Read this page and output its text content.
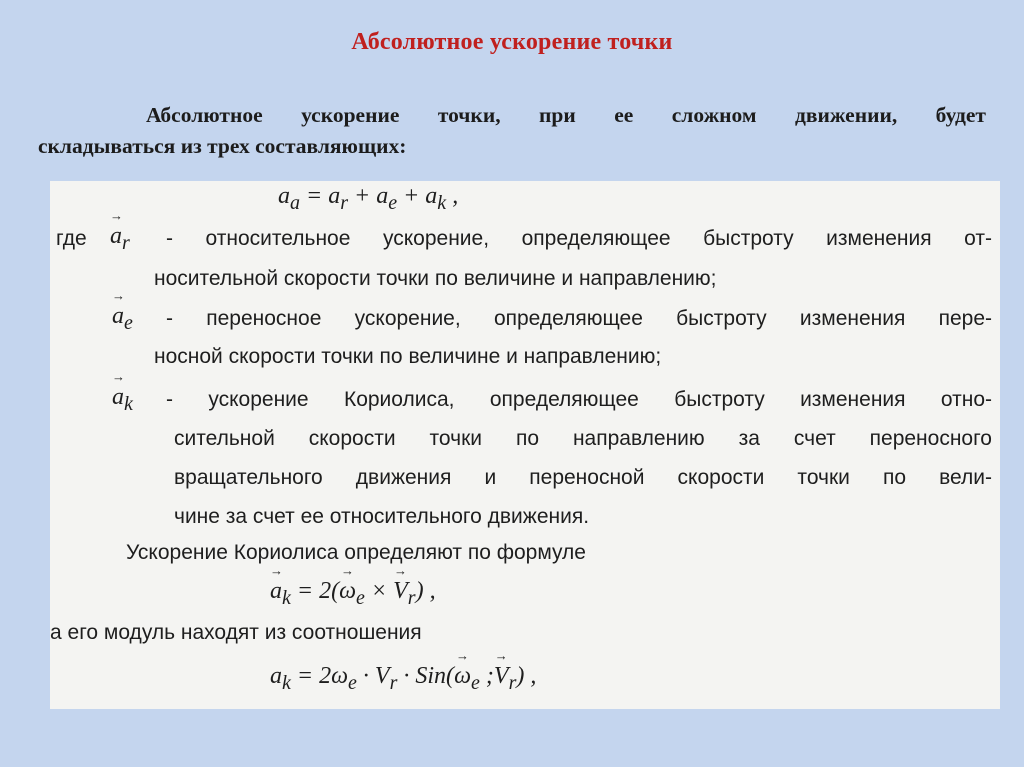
Абсолютное ускорение точки
Абсолютное ускорение точки, при ее сложном движении, будет
складываться из трех составляющих:
→ $a_a$ = → $a_r$ + → $a_e$ + → $a_k$ ,
где
→ $a_r$ - относительное ускорение, определяющее быстроту изменения от-
носительной скорости точки по величине и направлению;
→ $a_e$ - переносное ускорение, определяющее быстроту изменения пере-
носной скорости точки по величине и направлению;
→ $a_k$ - ускорение Кориолиса, определяющее быстроту изменения отно-
сительной скорости точки по направлению за счет переносного
вращательного движения и переносной скорости точки по вели-
чине за счет ее относительного движения.
Ускорение Кориолиса определяют по формуле
→ $a_k = 2(\to \omega_e$ × → $V_r$) ,
а его модуль находят из соотношения
$a_k = 2\omega_e \cdot V_r \cdot Sin(\to \omega_e$ ;→ $V_r$) ,
